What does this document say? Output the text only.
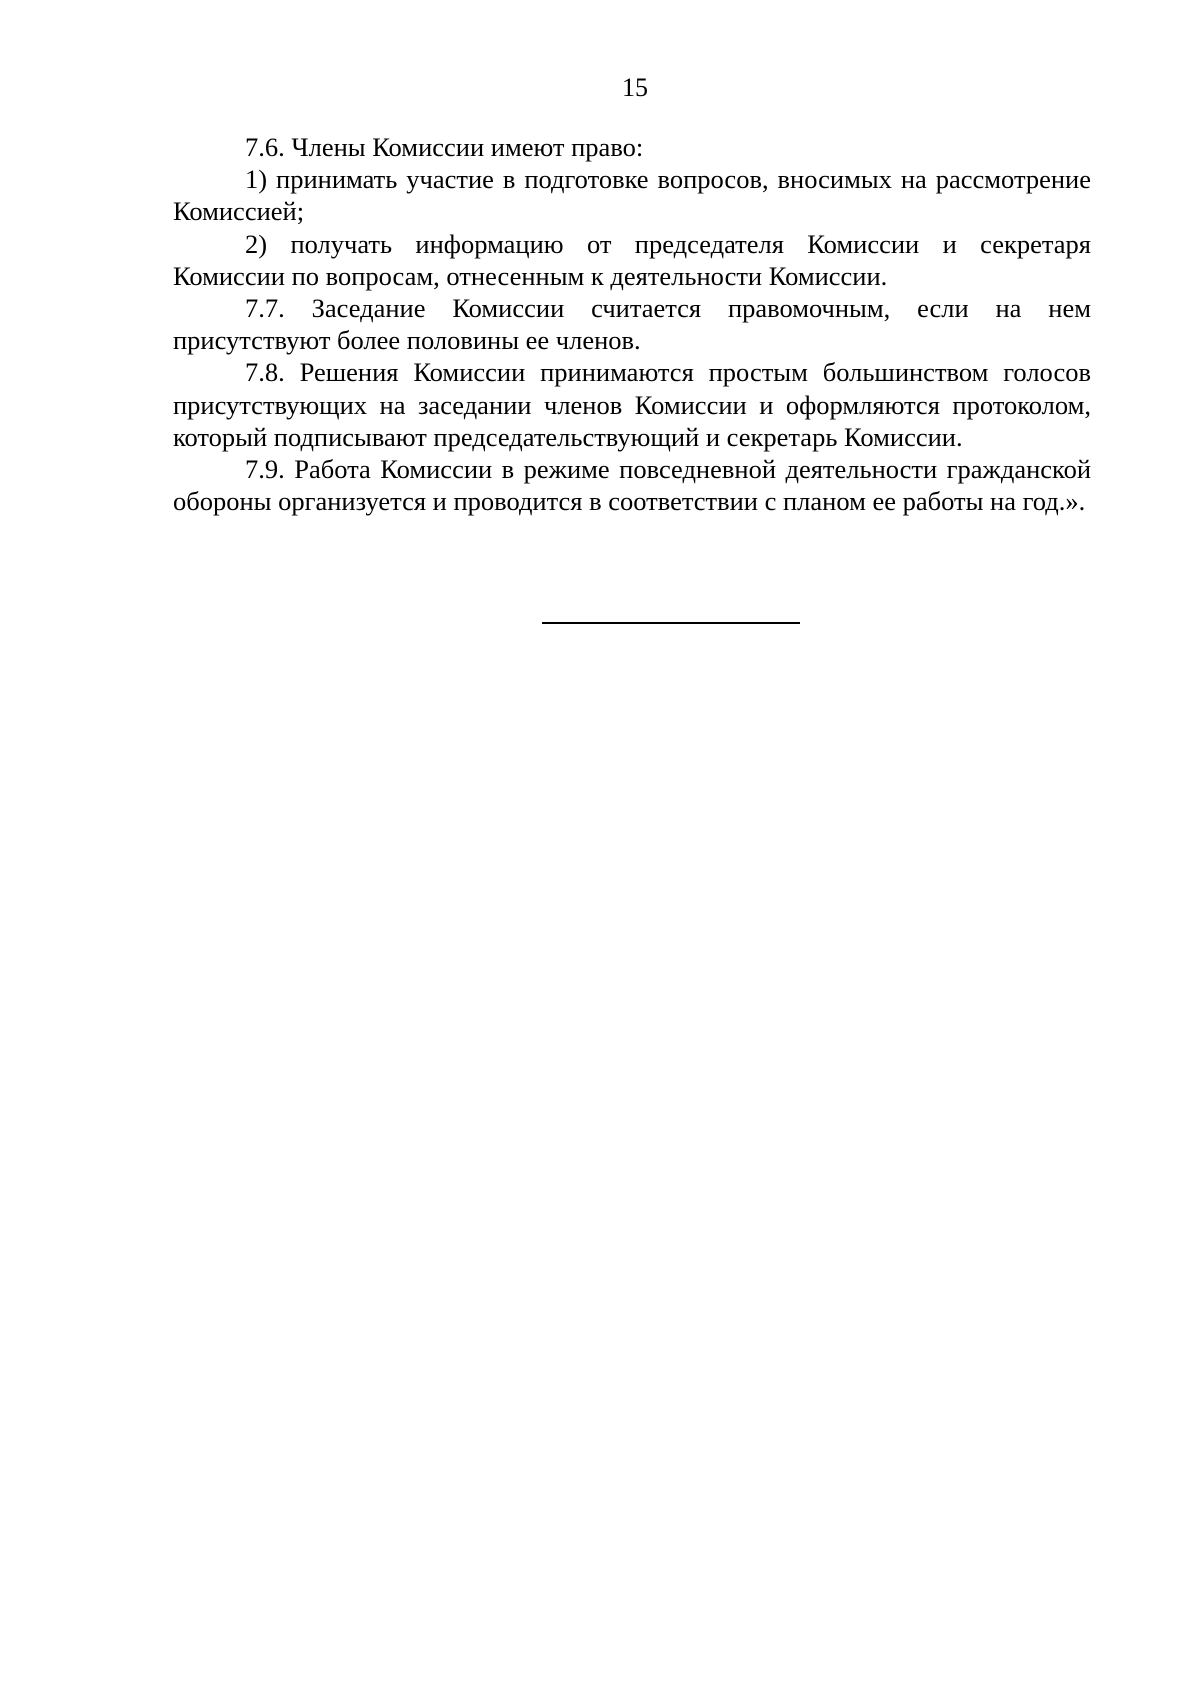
15

7.6. Члены Комиссии имеют право:

1) принимать участие в подготовке вопросов, вносимых на рассмотрение Комиссией;

2) получать информацию от председателя Комиссии и секретаря Комиссии по вопросам, отнесенным к деятельности Комиссии.

7.7. Заседание Комиссии считается правомочным, если на нем присутствуют более половины ее членов.

7.8. Решения Комиссии принимаются простым большинством голосов присутствующих на заседании членов Комиссии и оформляются протоколом, который подписывают председательствующий и секретарь Комиссии.

7.9. Работа Комиссии в режиме повседневной деятельности гражданской обороны организуется и проводится в соответствии с планом ее работы на год.».
